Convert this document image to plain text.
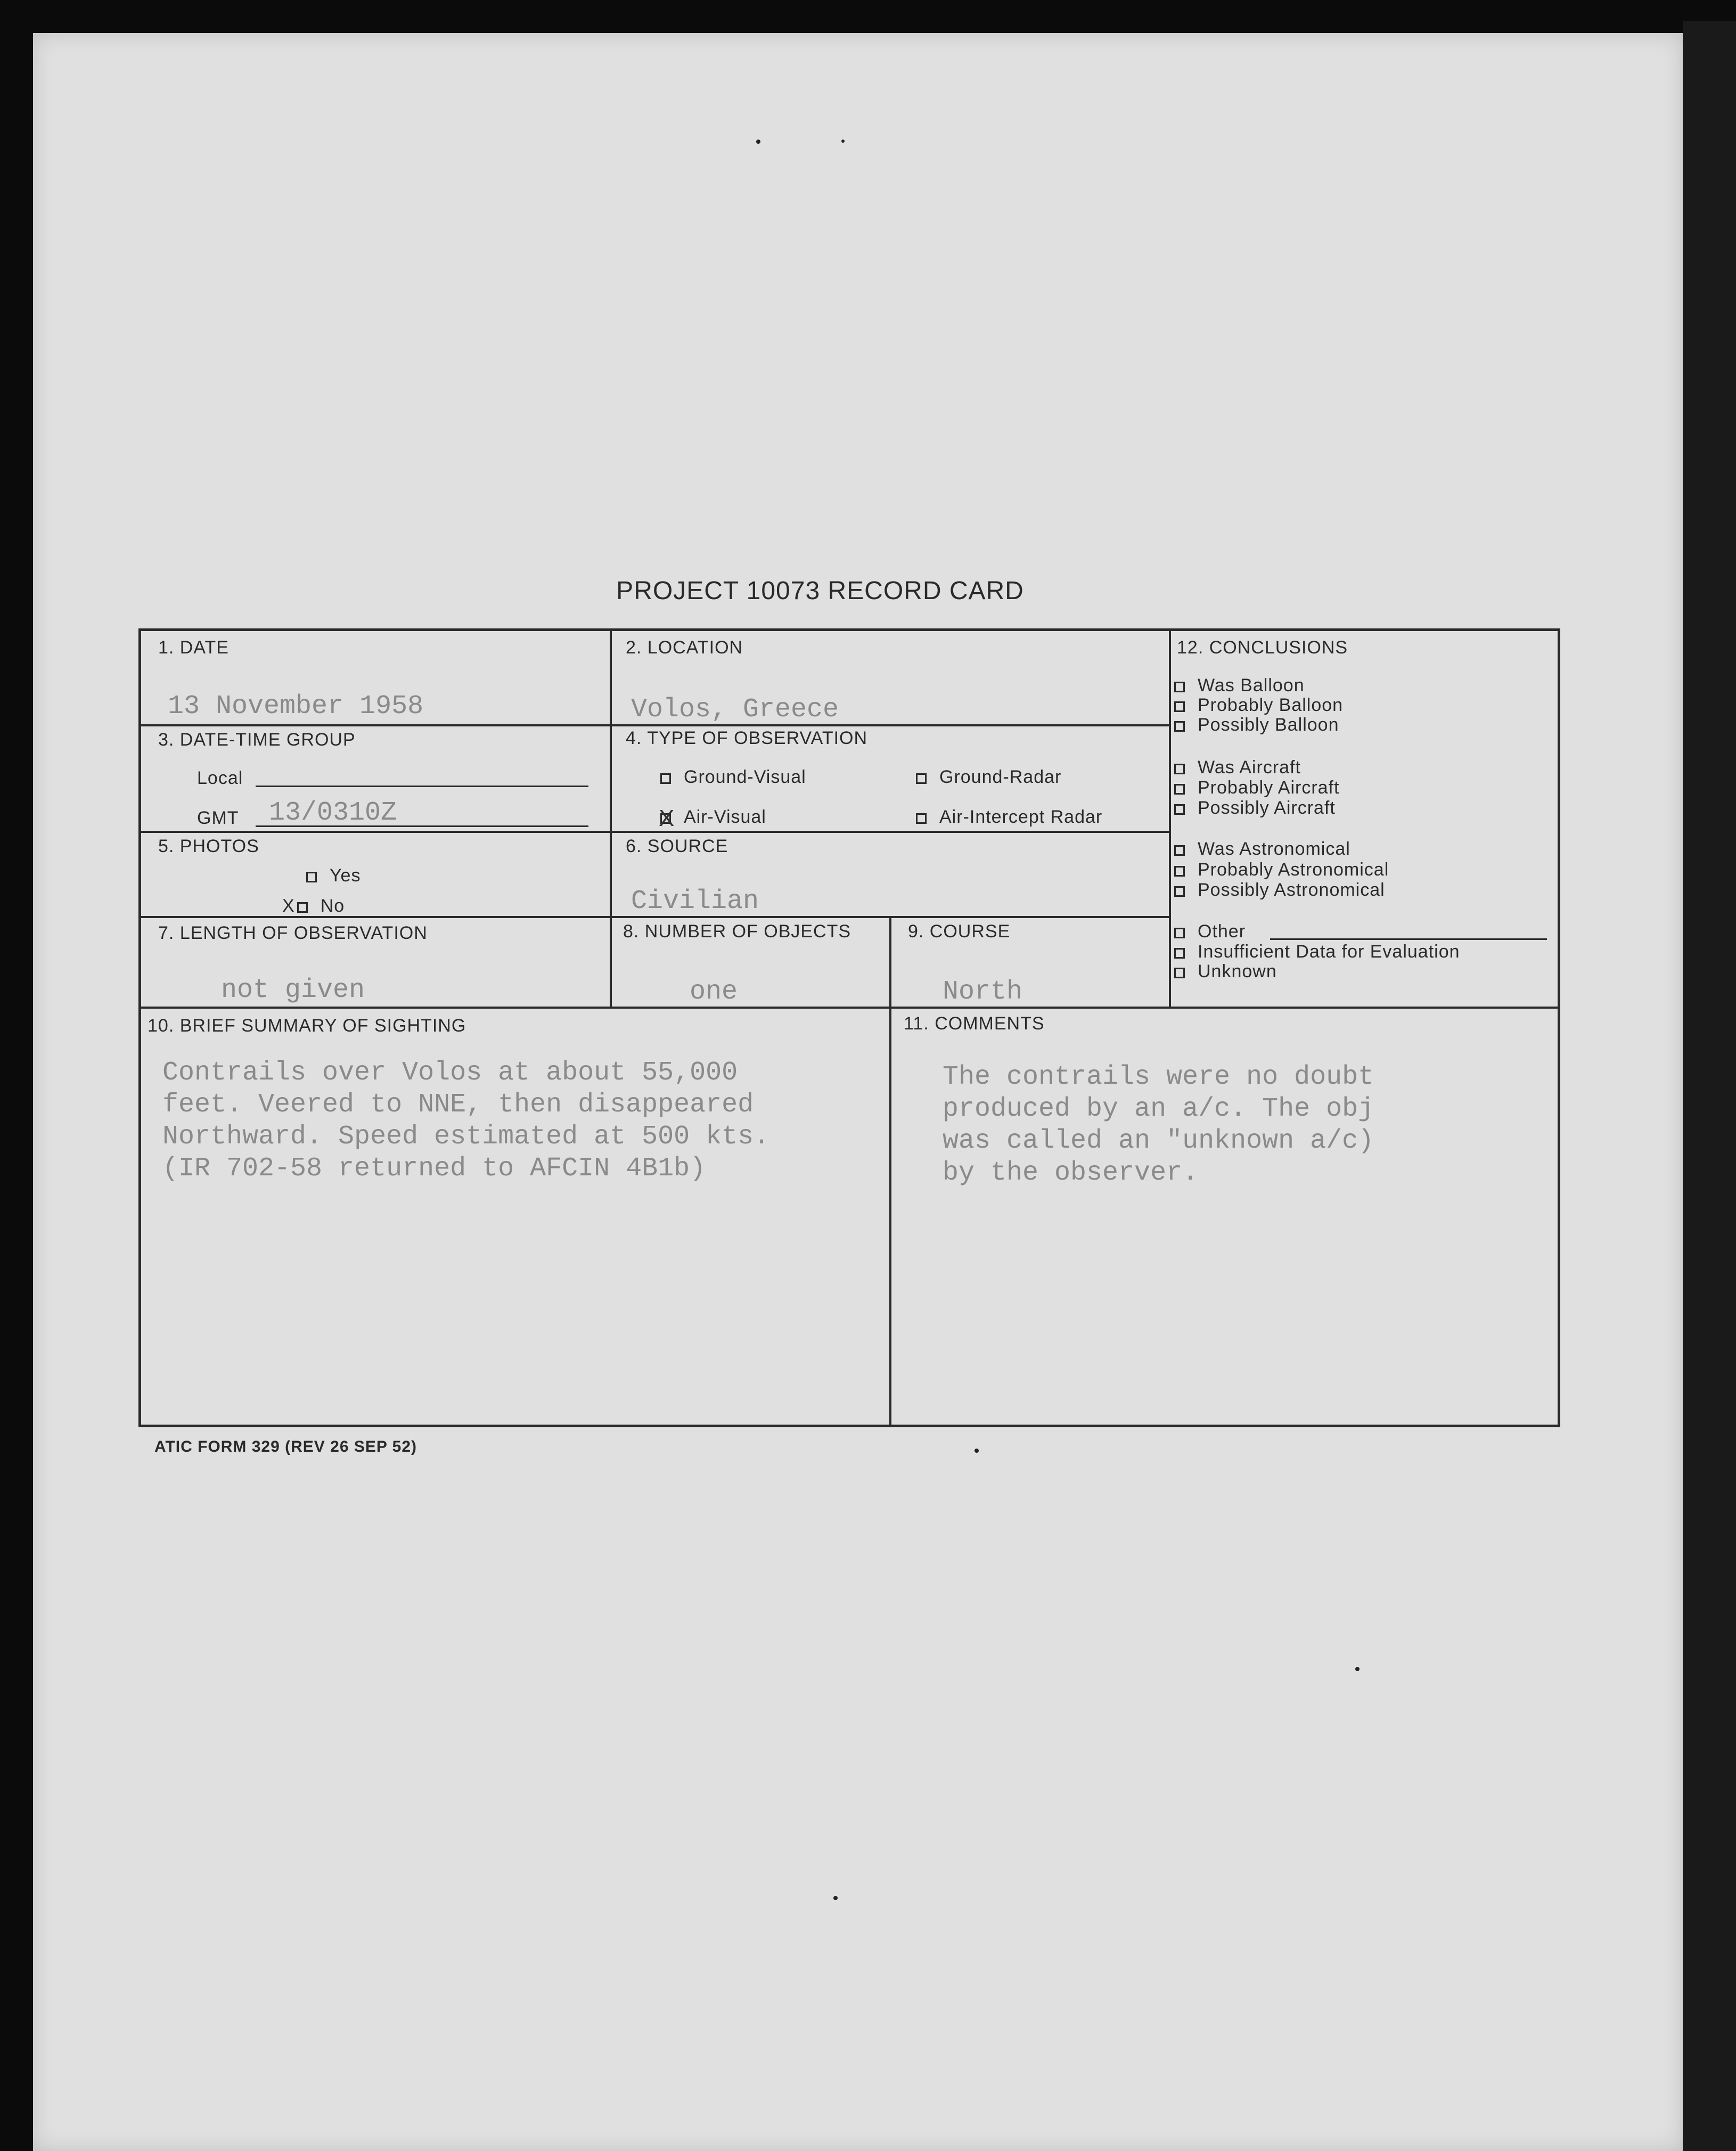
PROJECT 10073 RECORD CARD
1. DATE
13 November 1958
2. LOCATION
Volos, Greece
3. DATE-TIME GROUP
Local
GMT 13/0310Z
4. TYPE OF OBSERVATION
Ground-Visual
X Air-Visual
Ground-Radar
Air-Intercept Radar
5. PHOTOS
Yes
X No
6. SOURCE
Civilian
7. LENGTH OF OBSERVATION
not given
8. NUMBER OF OBJECTS
one
9. COURSE
North
10. BRIEF SUMMARY OF SIGHTING
Contrails over Volos at about 55,000
feet. Veered to NNE, then disappeared
Northward. Speed estimated at 500 kts.
(IR 702-58 returned to AFCIN 4B1b)
11. COMMENTS
The contrails were no doubt
produced by an a/c. The obj
was called an "unknown a/c)
by the observer.
12. CONCLUSIONS
Was Balloon
Probably Balloon
Possibly Balloon
Was Aircraft
Probably Aircraft
Possibly Aircraft
Was Astronomical
Probably Astronomical
Possibly Astronomical
Other
Insufficient Data for Evaluation
Unknown
ATIC FORM 329 (REV 26 SEP 52)
